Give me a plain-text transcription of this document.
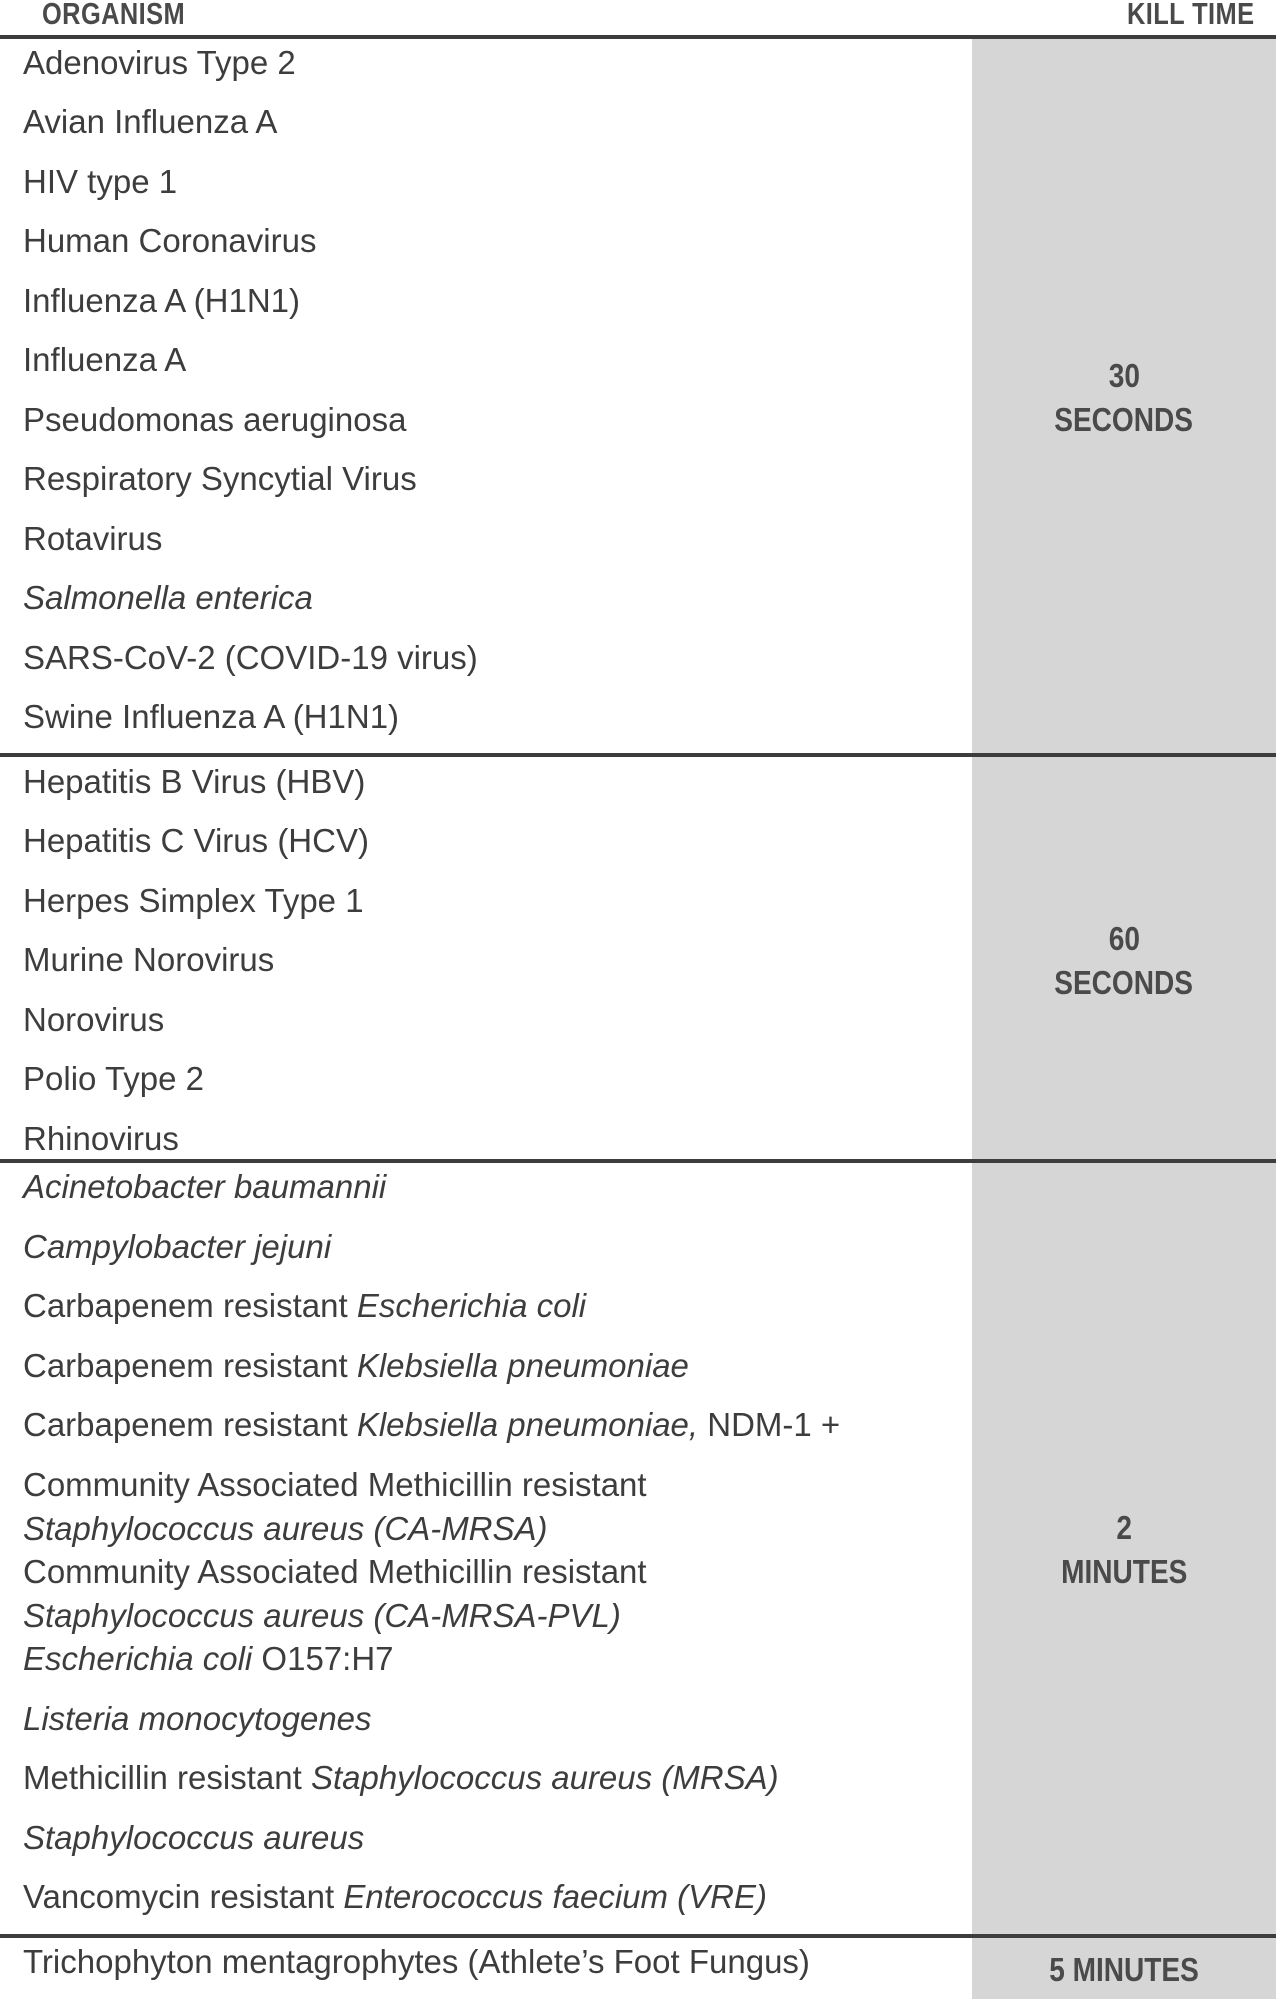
ORGANISM	KILL TIME
Adenovirus Type 2
Avian Influenza A
HIV type 1
Human Coronavirus
Influenza A (H1N1)
Influenza A
Pseudomonas aeruginosa
Respiratory Syncytial Virus
Rotavirus
Salmonella enterica
SARS-CoV-2 (COVID-19 virus)
Swine Influenza A (H1N1)
30
SECONDS
Hepatitis B Virus (HBV)
Hepatitis C Virus (HCV)
Herpes Simplex Type 1
Murine Norovirus
Norovirus
Polio Type 2
Rhinovirus
60
SECONDS
Acinetobacter baumannii
Campylobacter jejuni
Carbapenem resistant Escherichia coli
Carbapenem resistant Klebsiella pneumoniae
Carbapenem resistant Klebsiella pneumoniae, NDM-1 +
Community Associated Methicillin resistant
Staphylococcus aureus (CA-MRSA)
Community Associated Methicillin resistant
Staphylococcus aureus (CA-MRSA-PVL)
Escherichia coli O157:H7
Listeria monocytogenes
Methicillin resistant Staphylococcus aureus (MRSA)
Staphylococcus aureus
Vancomycin resistant Enterococcus faecium (VRE)
2
MINUTES
Trichophyton mentagrophytes (Athlete’s Foot Fungus)	5 MINUTES
